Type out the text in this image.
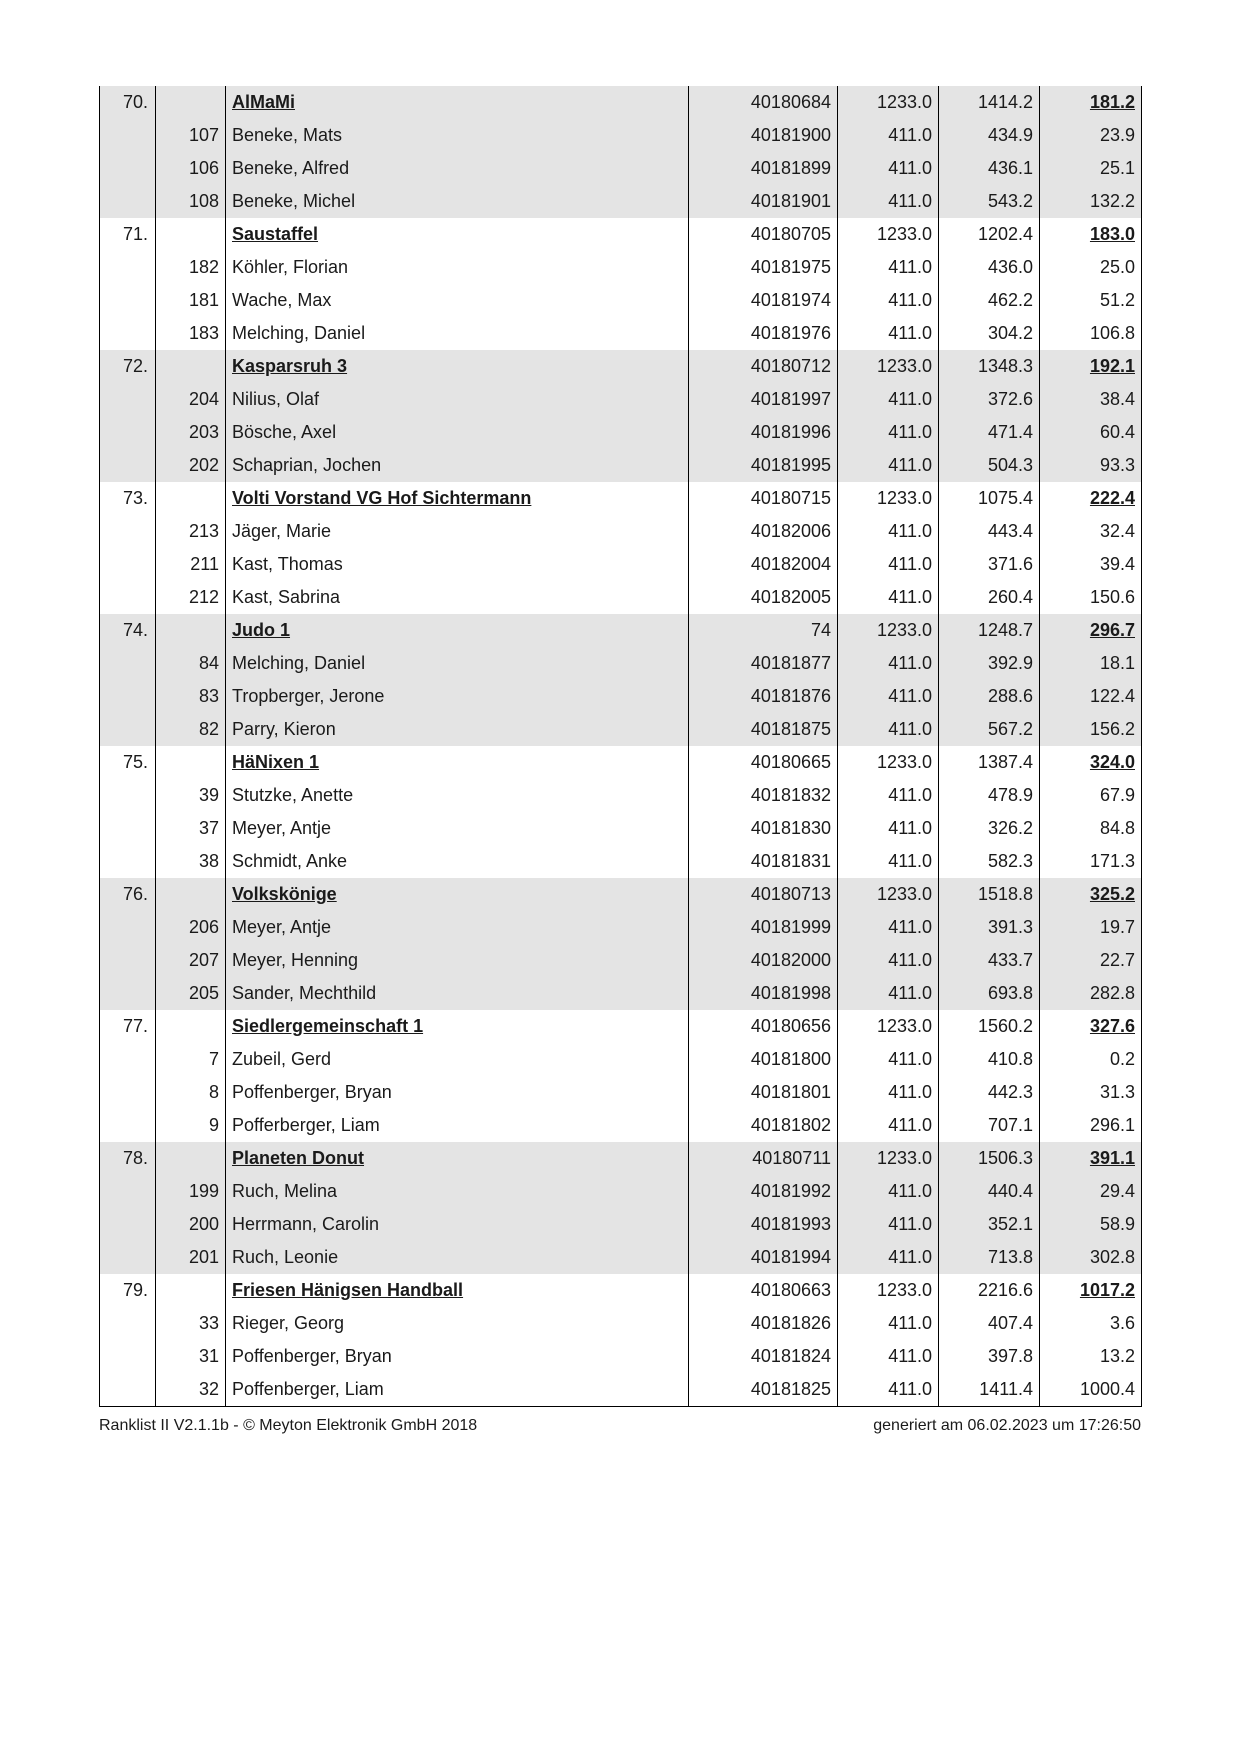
70.		AlMaMi	40180684	1233.0	1414.2	181.2
	107	Beneke, Mats	40181900	411.0	434.9	23.9
	106	Beneke, Alfred	40181899	411.0	436.1	25.1
	108	Beneke, Michel	40181901	411.0	543.2	132.2
71.		Saustaffel	40180705	1233.0	1202.4	183.0
	182	Köhler, Florian	40181975	411.0	436.0	25.0
	181	Wache, Max	40181974	411.0	462.2	51.2
	183	Melching, Daniel	40181976	411.0	304.2	106.8
72.		Kasparsruh 3	40180712	1233.0	1348.3	192.1
	204	Nilius, Olaf	40181997	411.0	372.6	38.4
	203	Bösche, Axel	40181996	411.0	471.4	60.4
	202	Schaprian, Jochen	40181995	411.0	504.3	93.3
73.		Volti Vorstand VG Hof Sichtermann	40180715	1233.0	1075.4	222.4
	213	Jäger, Marie	40182006	411.0	443.4	32.4
	211	Kast, Thomas	40182004	411.0	371.6	39.4
	212	Kast, Sabrina	40182005	411.0	260.4	150.6
74.		Judo 1	74	1233.0	1248.7	296.7
	84	Melching, Daniel	40181877	411.0	392.9	18.1
	83	Tropberger, Jerone	40181876	411.0	288.6	122.4
	82	Parry, Kieron	40181875	411.0	567.2	156.2
75.		HäNixen 1	40180665	1233.0	1387.4	324.0
	39	Stutzke, Anette	40181832	411.0	478.9	67.9
	37	Meyer, Antje	40181830	411.0	326.2	84.8
	38	Schmidt, Anke	40181831	411.0	582.3	171.3
76.		Volkskönige	40180713	1233.0	1518.8	325.2
	206	Meyer, Antje	40181999	411.0	391.3	19.7
	207	Meyer, Henning	40182000	411.0	433.7	22.7
	205	Sander, Mechthild	40181998	411.0	693.8	282.8
77.		Siedlergemeinschaft 1	40180656	1233.0	1560.2	327.6
	7	Zubeil, Gerd	40181800	411.0	410.8	0.2
	8	Poffenberger, Bryan	40181801	411.0	442.3	31.3
	9	Pofferberger, Liam	40181802	411.0	707.1	296.1
78.		Planeten Donut	40180711	1233.0	1506.3	391.1
	199	Ruch, Melina	40181992	411.0	440.4	29.4
	200	Herrmann, Carolin	40181993	411.0	352.1	58.9
	201	Ruch, Leonie	40181994	411.0	713.8	302.8
79.		Friesen Hänigsen Handball	40180663	1233.0	2216.6	1017.2
	33	Rieger, Georg	40181826	411.0	407.4	3.6
	31	Poffenberger, Bryan	40181824	411.0	397.8	13.2
	32	Poffenberger, Liam	40181825	411.0	1411.4	1000.4
Ranklist II V2.1.1b - © Meyton Elektronik GmbH 2018	generiert am 06.02.2023 um 17:26:50
